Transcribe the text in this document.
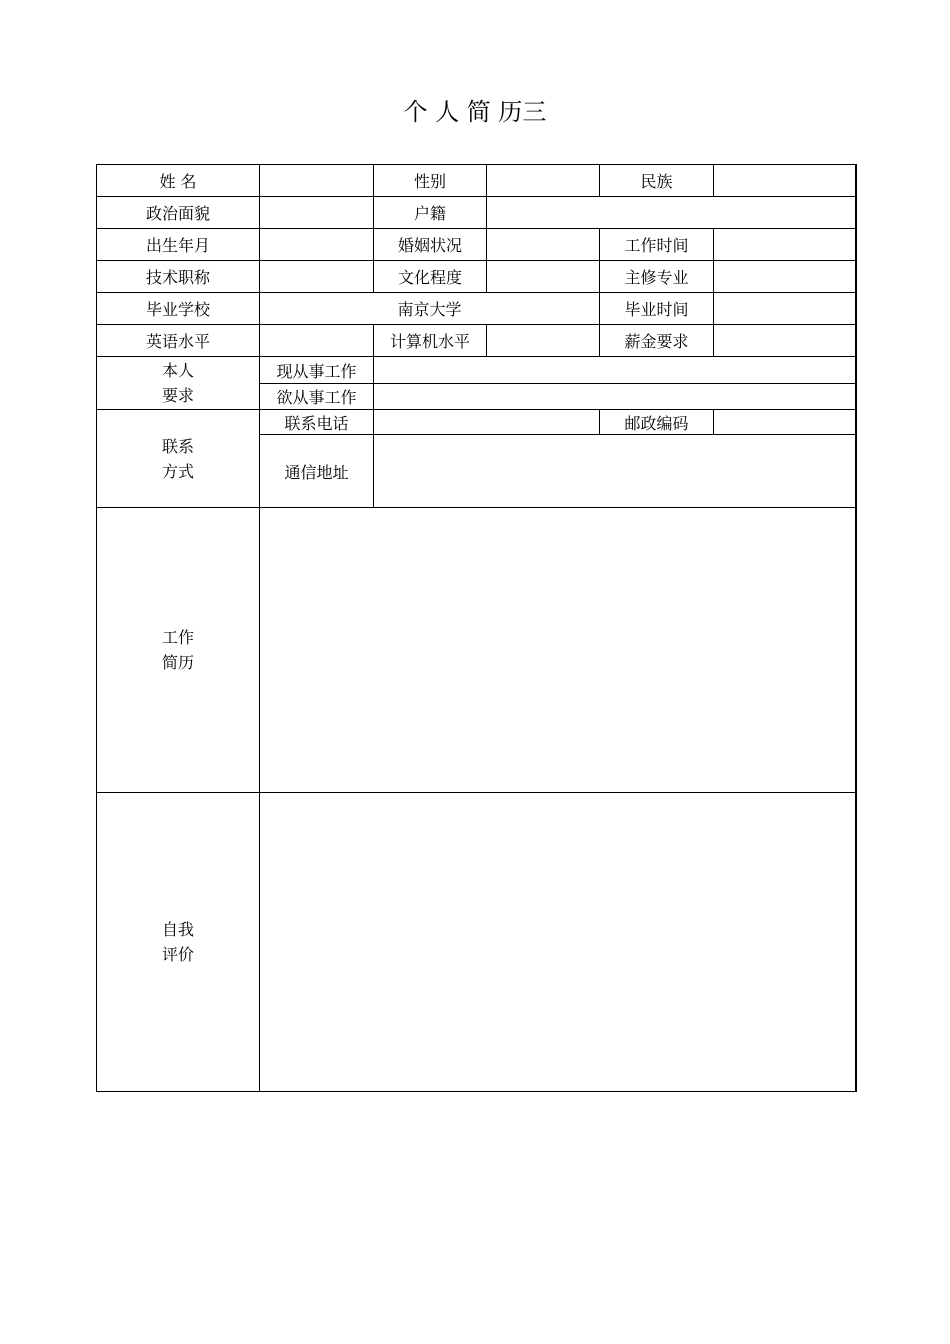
个 人 简 历三
姓 名		性别		民族	
政治面貌		户籍			
出生年月		婚姻状况		工作时间	
技术职称		文化程度		主修专业	
毕业学校	南京大学			毕业时间	
英语水平		计算机水平		薪金要求	

本人
要求	现从事工作				
	欲从事工作				

联系
方式	联系电话			邮政编码	
	通信地址				

工作
简历					

自我
评价					
